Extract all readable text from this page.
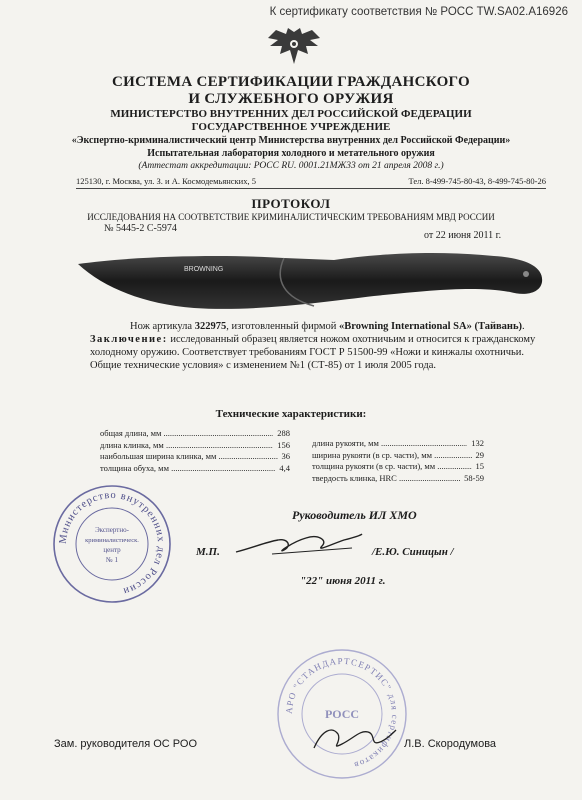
К сертификату соответствия № РОСС TW.SA02.A16926
СИСТЕМА СЕРТИФИКАЦИИ ГРАЖДАНСКОГО
И СЛУЖЕБНОГО ОРУЖИЯ
МИНИСТЕРСТВО ВНУТРЕННИХ ДЕЛ РОССИЙСКОЙ ФЕДЕРАЦИИ
ГОСУДАРСТВЕННОЕ УЧРЕЖДЕНИЕ
«Экспертно-криминалистический центр Министерства внутренних дел Российской Федерации»
Испытательная лаборатория холодного и метательного оружия
(Аттестат аккредитации: РОСС RU. 0001.21МЖ33 от 21 апреля 2008 г.)
125130, г. Москва, ул. З. и А. Космодемьянских, 5	Тел. 8-499-745-80-43, 8-499-745-80-26
ПРОТОКОЛ
ИССЛЕДОВАНИЯ НА СООТВЕТСТВИЕ КРИМИНАЛИСТИЧЕСКИМ ТРЕБОВАНИЯМ МВД РОССИИ
№ 5445-2 С-5974
от 22 июня 2011 г.
BROWNING
Нож артикула 322975, изготовленный фирмой «Browning International SA» (Тайвань).
Заключение: исследованный образец является ножом охотничьим и относится к гражданскому холодному оружию. Соответствует требованиям ГОСТ Р 51500-99 «Ножи и кинжалы охотничьи. Общие технические условия» с изменением №1 (СТ-85) от 1 июля 2005 года.
Технические характеристики:
общая длина, мм .....	288
длина клинка, мм .....	156
наибольшая ширина клинка, мм .....	36
толщина обуха, мм .....	4,4
длина рукояти, мм .....	132
ширина рукояти (в ср. части), мм .....	29
толщина рукояти (в ср. части), мм .....	15
твердость клинка, HRC .....	58-59
Министерство внутренних дел России
Экспертно-
криминалистическ.
центр
№ 1
Руководитель ИЛ ХМО
М.П.	/Е.Ю. Синицын /
"22" июня 2011 г.
АРО "СТАНДАРТСЕРТИС" для сертификатов
РОСС
Зам. руководителя ОС РОО	Л.В. Скородумова
